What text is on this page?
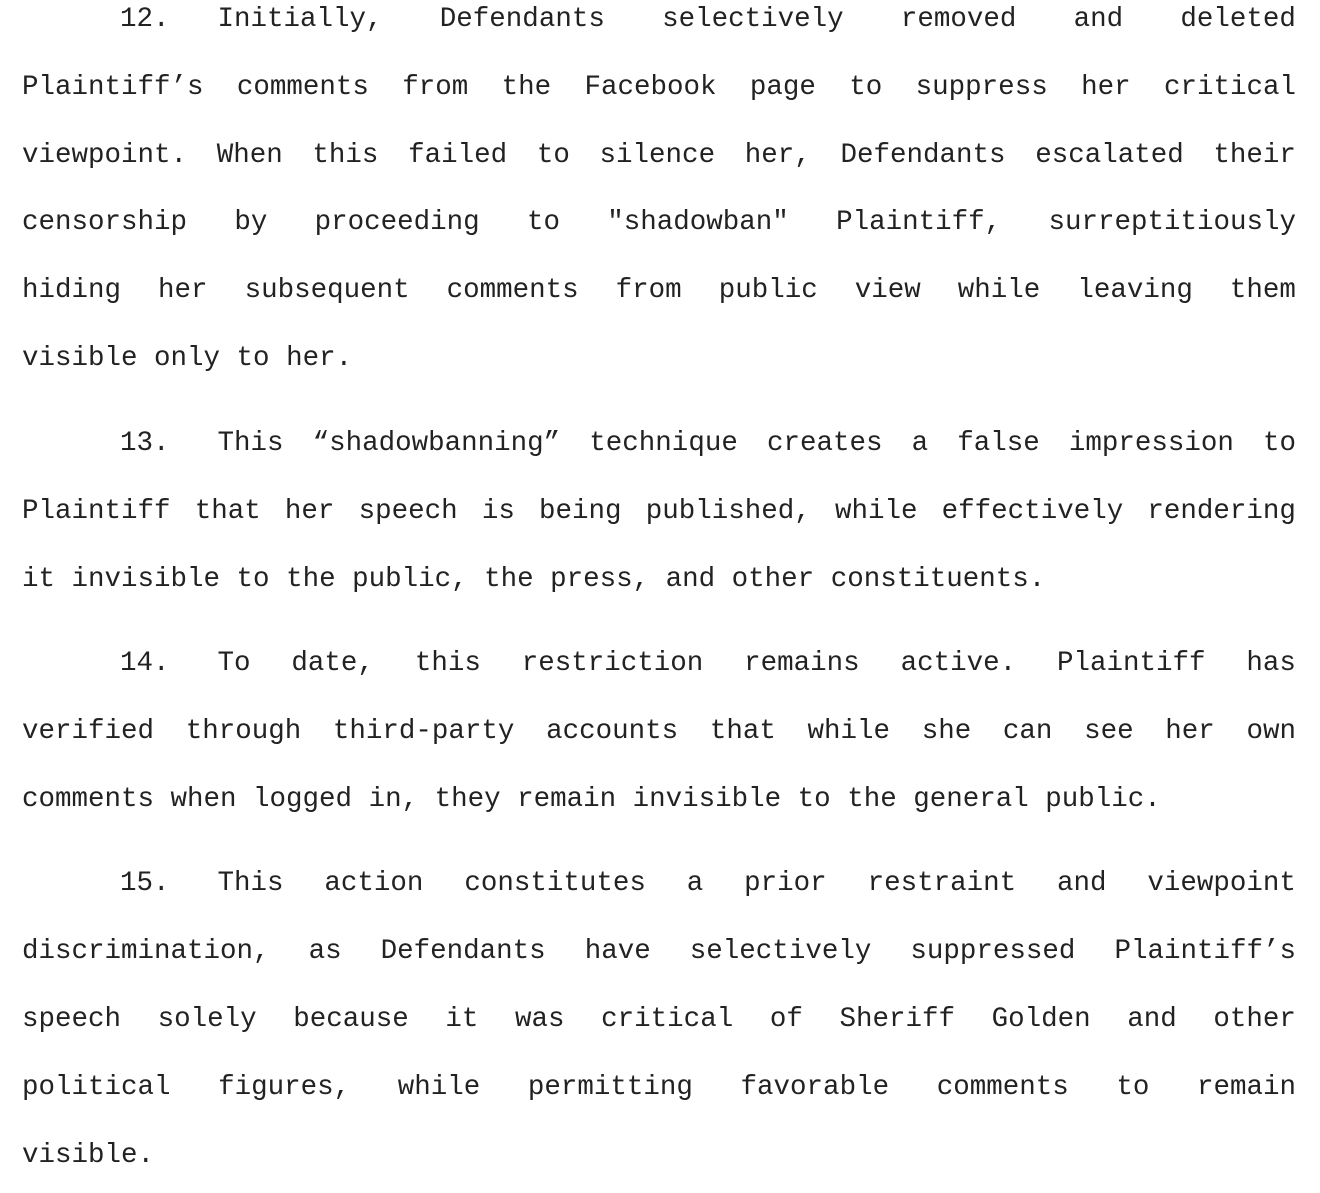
12. Initially, Defendants selectively removed and deleted
Plaintiff’s comments from the Facebook page to suppress her critical
viewpoint. When this failed to silence her, Defendants escalated their
censorship by proceeding to "shadowban" Plaintiff, surreptitiously
hiding her subsequent comments from public view while leaving them
visible only to her.
13. This “shadowbanning” technique creates a false impression to
Plaintiff that her speech is being published, while effectively rendering
it invisible to the public, the press, and other constituents.
14. To date, this restriction remains active. Plaintiff has
verified through third-party accounts that while she can see her own
comments when logged in, they remain invisible to the general public.
15. This action constitutes a prior restraint and viewpoint
discrimination, as Defendants have selectively suppressed Plaintiff’s
speech solely because it was critical of Sheriff Golden and other
political figures, while permitting favorable comments to remain
visible.
